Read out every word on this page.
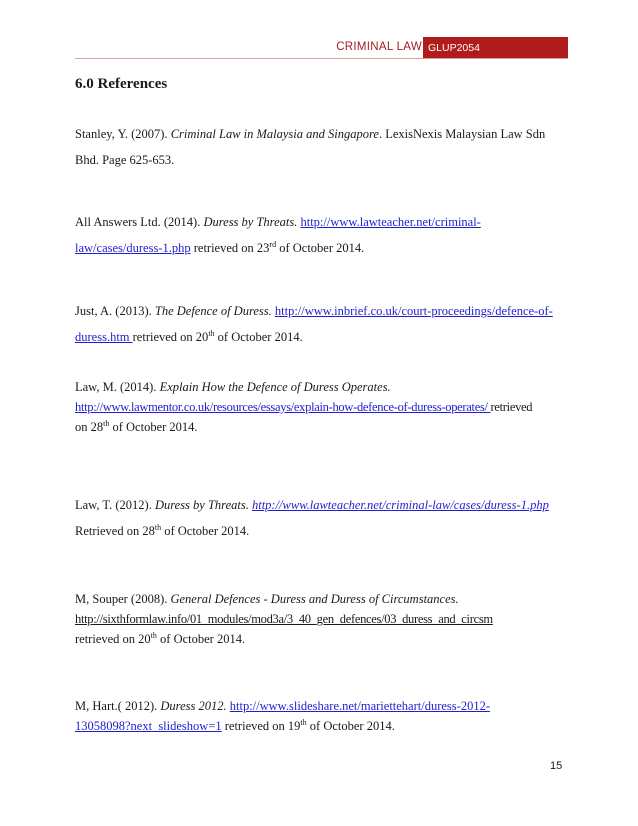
CRIMINAL LAW GLUP2054
6.0 References
Stanley, Y. (2007). Criminal Law in Malaysia and Singapore. LexisNexis Malaysian Law Sdn
Bhd. Page 625-653.
All Answers Ltd. (2014). Duress by Threats. http://www.lawteacher.net/criminal-
law/cases/duress-1.php retrieved on 23rd of October 2014.
Just, A. (2013). The Defence of Duress. http://www.inbrief.co.uk/court-proceedings/defence-of-
duress.htm retrieved on 20th of October 2014.
Law, M. (2014). Explain How the Defence of Duress Operates.
http://www.lawmentor.co.uk/resources/essays/explain-how-defence-of-duress-operates/ retrieved
on 28th of October 2014.
Law, T. (2012). Duress by Threats. http://www.lawteacher.net/criminal-law/cases/duress-1.php
Retrieved on 28th of October 2014.
M, Souper (2008). General Defences - Duress and Duress of Circumstances.
http://sixthformlaw.info/01_modules/mod3a/3_40_gen_defences/03_duress_and_circsm
retrieved on 20th of October 2014.
M, Hart.( 2012). Duress 2012. http://www.slideshare.net/mariettehart/duress-2012-
13058098?next_slideshow=1 retrieved on 19th of October 2014.
15
